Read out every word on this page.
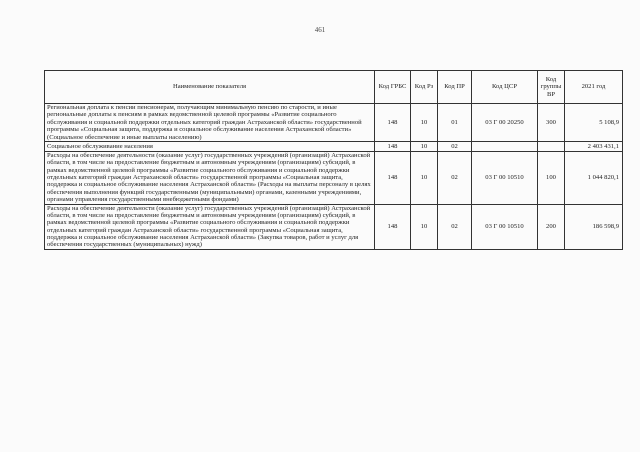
461
Наименование показателя	Код ГРБС	Код Рз	Код ПР	Код ЦСР	Код группы ВР	2021 год
Региональная доплата к пенсии пенсионерам, получающим минимальную пенсию по старости, и иные региональные доплаты к пенсиям в рамках ведомственной целевой программы «Развитие социального обслуживания и социальной поддержки отдельных категорий граждан Астраханской области» государственной программы «Социальная защита, поддержка и социальное обслуживание населения Астраханской области» (Социальное обеспечение и иные выплаты населению)	148	10	01	03 Г 00 20250	300	5 108,9
Социальное обслуживание населения	148	10	02			2 403 431,1
Расходы на обеспечение деятельности (оказание услуг) государственных учреждений (организаций) Астраханской области, в том числе на предоставление бюджетным и автономным учреждениям (организациям) субсидий, в рамках ведомственной целевой программы «Развитие социального обслуживания и социальной поддержки отдельных категорий граждан Астраханской области» государственной программы «Социальная защита, поддержка и социальное обслуживание населения Астраханской области» (Расходы на выплаты персоналу в целях обеспечения выполнения функций государственными (муниципальными) органами, казенными учреждениями, органами управления государственными внебюджетными фондами)	148	10	02	03 Г 00 10510	100	1 044 820,1
Расходы на обеспечение деятельности (оказание услуг) государственных учреждений (организаций) Астраханской области, в том числе на предоставление бюджетным и автономным учреждениям (организациям) субсидий, в рамках ведомственной целевой программы «Развитие социального обслуживания и социальной поддержки отдельных категорий граждан Астраханской области» государственной программы «Социальная защита, поддержка и социальное обслуживание населения Астраханской области» (Закупка товаров, работ и услуг для обеспечения государственных (муниципальных) нужд)	148	10	02	03 Г 00 10510	200	186 598,9
